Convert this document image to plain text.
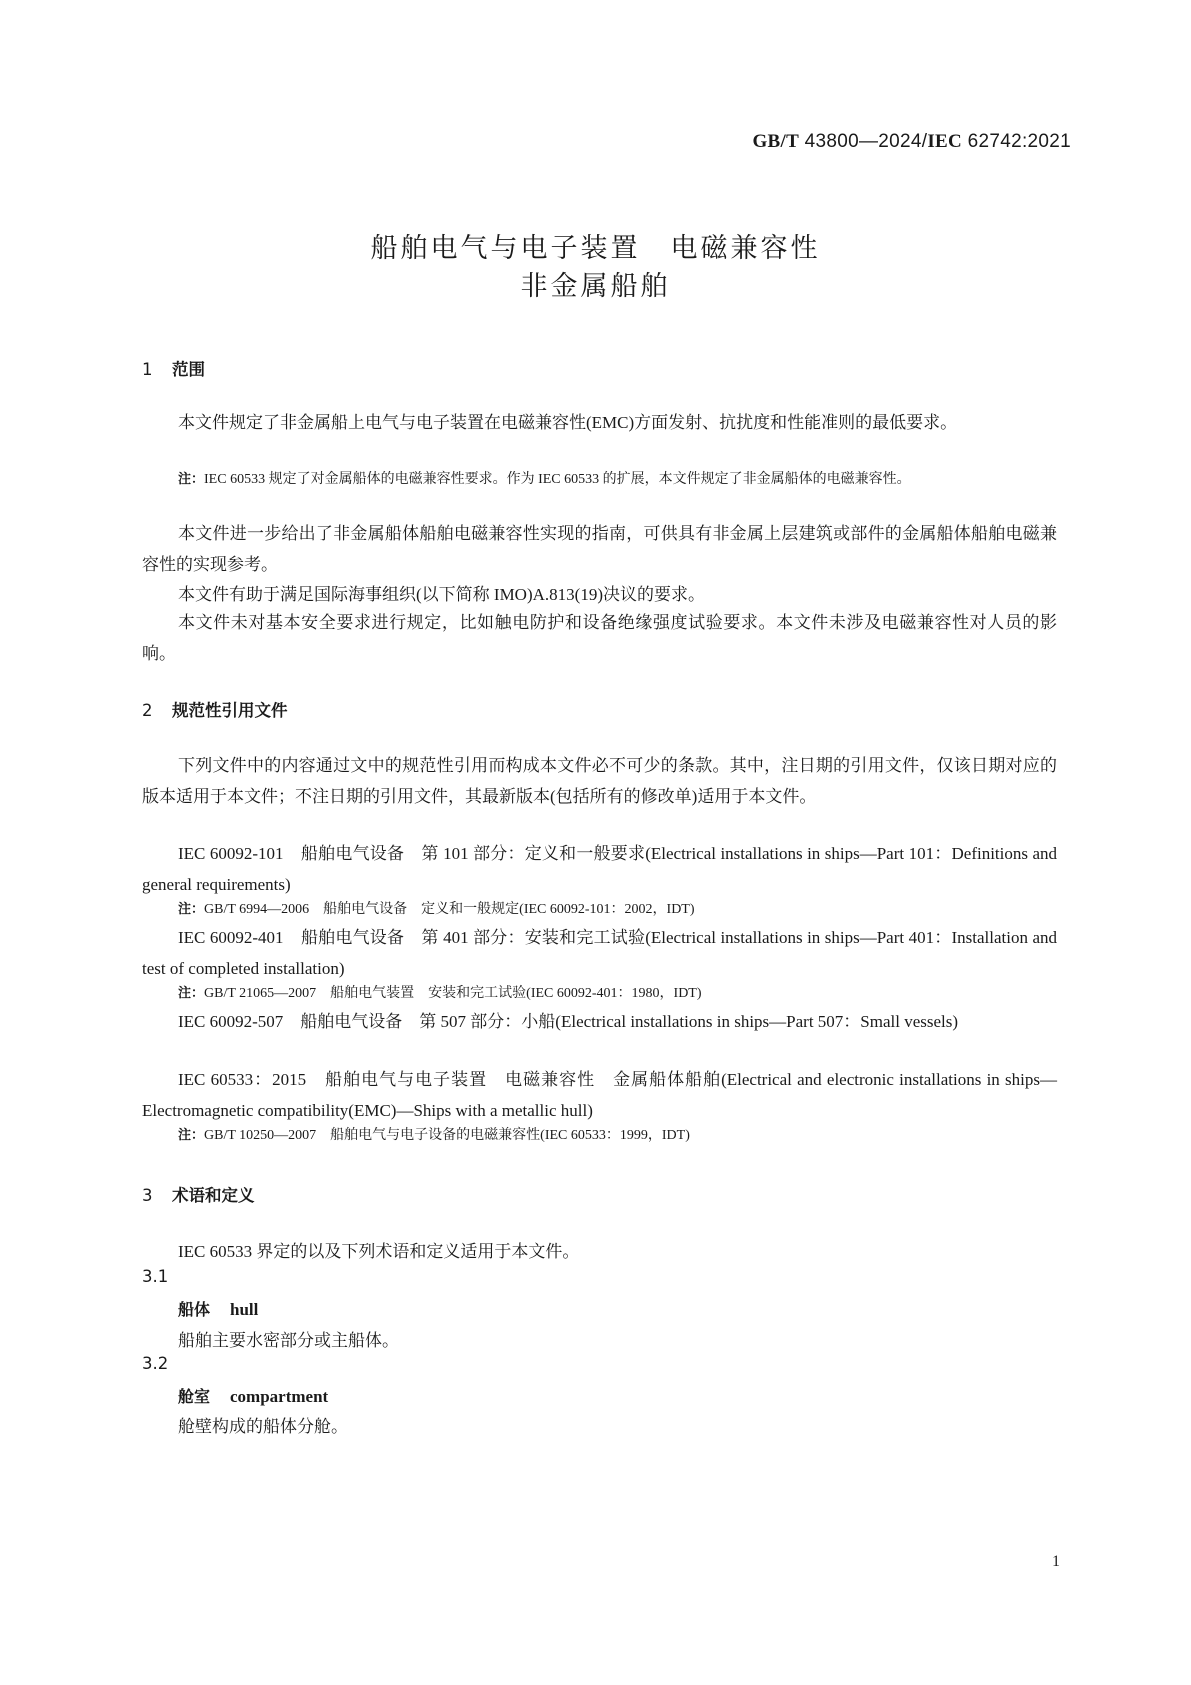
GB/T 43800—2024/IEC 62742:2021
船舶电气与电子装置　电磁兼容性
非金属船舶
1 范围
本文件规定了非金属船上电气与电子装置在电磁兼容性(EMC)方面发射、抗扰度和性能准则的最低要求。
注：IEC 60533 规定了对金属船体的电磁兼容性要求。作为 IEC 60533 的扩展，本文件规定了非金属船体的电磁兼容性。
本文件进一步给出了非金属船体船舶电磁兼容性实现的指南，可供具有非金属上层建筑或部件的金属船体船舶电磁兼容性的实现参考。
本文件有助于满足国际海事组织(以下简称 IMO)A.813(19)决议的要求。
本文件未对基本安全要求进行规定，比如触电防护和设备绝缘强度试验要求。本文件未涉及电磁兼容性对人员的影响。
2 规范性引用文件
下列文件中的内容通过文中的规范性引用而构成本文件必不可少的条款。其中，注日期的引用文件，仅该日期对应的版本适用于本文件；不注日期的引用文件，其最新版本(包括所有的修改单)适用于本文件。
IEC 60092-101　船舶电气设备　第 101 部分：定义和一般要求(Electrical installations in ships—Part 101：Definitions and general requirements)
注：GB/T 6994—2006　船舶电气设备　定义和一般规定(IEC 60092-101：2002，IDT)
IEC 60092-401　船舶电气设备　第 401 部分：安装和完工试验(Electrical installations in ships—Part 401：Installation and test of completed installation)
注：GB/T 21065—2007　船舶电气装置　安装和完工试验(IEC 60092-401：1980，IDT)
IEC 60092-507　船舶电气设备　第 507 部分：小船(Electrical installations in ships—Part 507：Small vessels)
IEC 60533：2015　船舶电气与电子装置　电磁兼容性　金属船体船舶(Electrical and electronic installations in ships—Electromagnetic compatibility(EMC)—Ships with a metallic hull)
注：GB/T 10250—2007　船舶电气与电子设备的电磁兼容性(IEC 60533：1999，IDT)
3 术语和定义
IEC 60533 界定的以及下列术语和定义适用于本文件。
3.1
船体 hull
船舶主要水密部分或主船体。
3.2
舱室 compartment
舱壁构成的船体分舱。
1
